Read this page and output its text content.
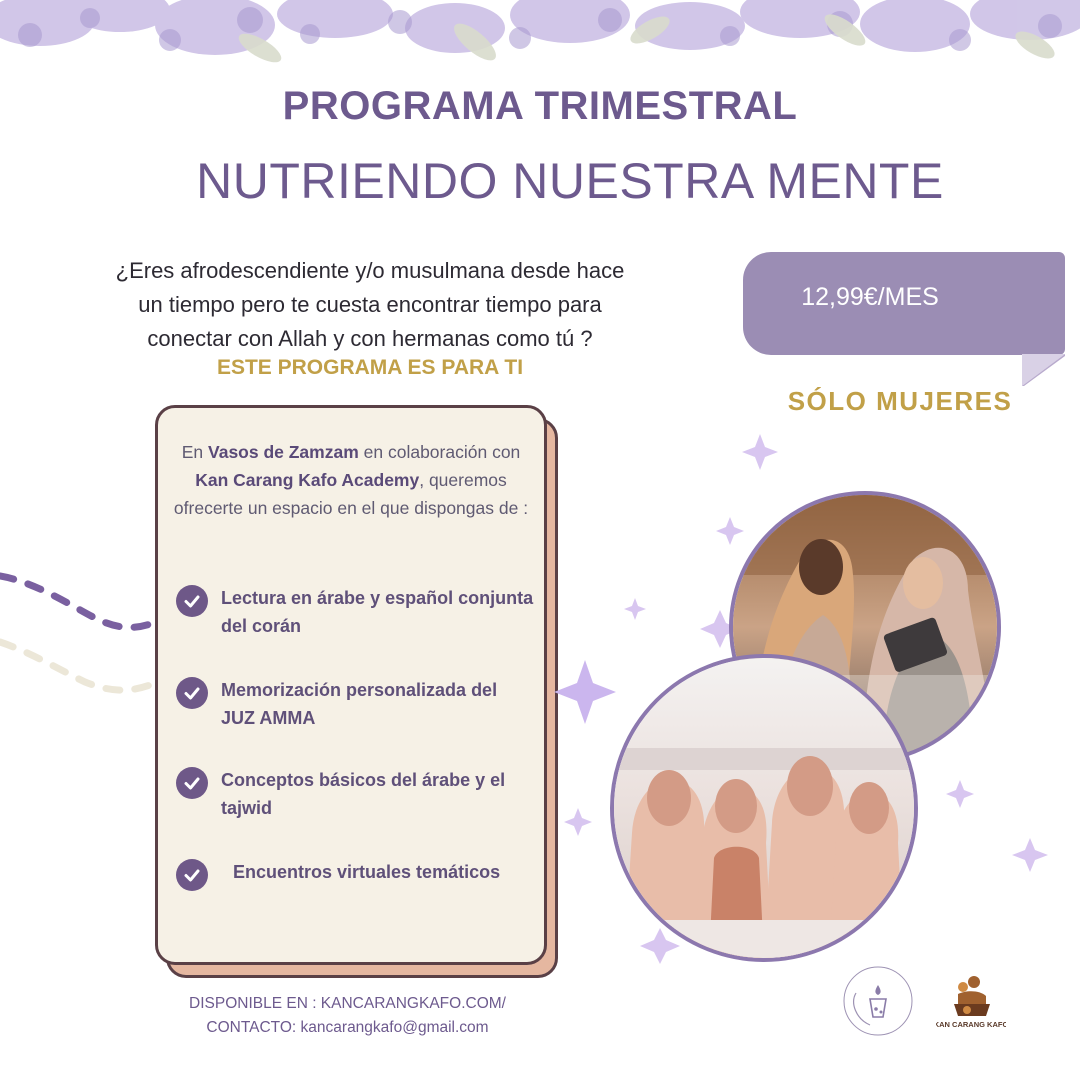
PROGRAMA TRIMESTRAL
NUTRIENDO NUESTRA MENTE
¿Eres afrodescendiente y/o musulmana desde hace
un tiempo pero te cuesta encontrar tiempo para
conectar con Allah y con hermanas como tú ?
ESTE PROGRAMA ES PARA TI
12,99€/MES
SÓLO MUJERES
En Vasos de Zamzam en colaboración con Kan Carang Kafo Academy, queremos ofrecerte un espacio en el que dispongas de :
Lectura en árabe y español conjunta del corán
Memorización personalizada del JUZ AMMA
Conceptos básicos del árabe y el tajwid
Encuentros virtuales temáticos
DISPONIBLE EN : KANCARANGKAFO.COM/
CONTACTO: kancarangkafo@gmail.com	KAN CARANG KAFO
